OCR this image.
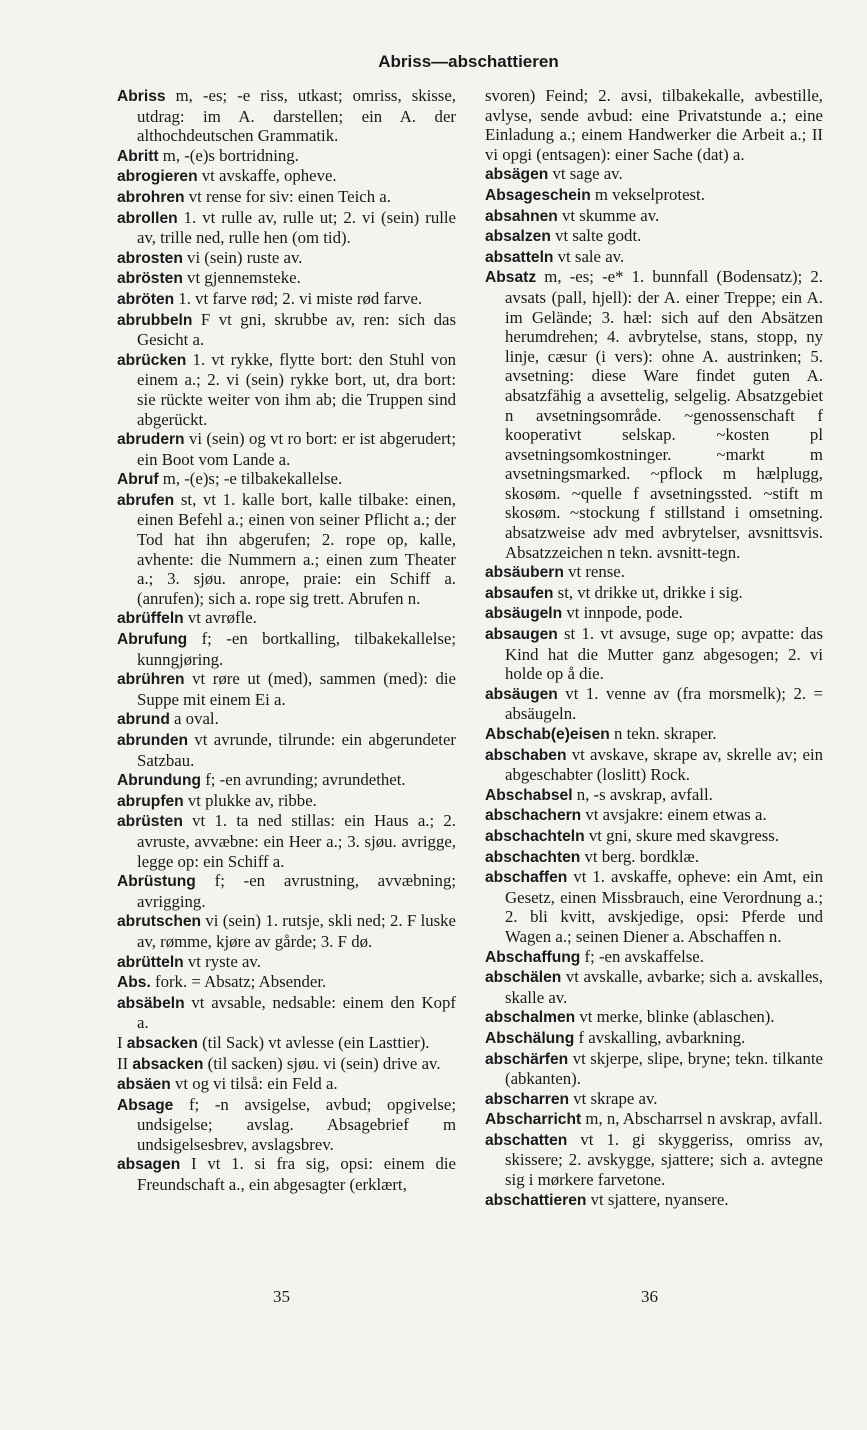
Abriss—abschattieren

Abriss m, -es; -e riss, utkast; omriss, skisse, utdrag: im A. darstellen; ein A. der althochdeutschen Grammatik.

Abritt m, -(e)s bortridning.

abrogieren vt avskaffe, opheve.

abrohren vt rense for siv: einen Teich a.

abrollen 1. vt rulle av, rulle ut; 2. vi (sein) rulle av, trille ned, rulle hen (om tid).

abrosten vi (sein) ruste av.

abrösten vt gjennemsteke.

abröten 1. vt farve rød; 2. vi miste rød farve.

abrubbeln F vt gni, skrubbe av, ren: sich das Gesicht a.

abrücken 1. vt rykke, flytte bort: den Stuhl von einem a.; 2. vi (sein) rykke bort, ut, dra bort: sie rückte weiter von ihm ab; die Truppen sind abgerückt.

abrudern vi (sein) og vt ro bort: er ist abgerudert; ein Boot vom Lande a.

Abruf m, -(e)s; -e tilbakekallelse.

abrufen st, vt 1. kalle bort, kalle tilbake: einen, einen Befehl a.; einen von seiner Pflicht a.; der Tod hat ihn abgerufen; 2. rope op, kalle, avhente: die Nummern a.; einen zum Theater a.; 3. sjøu. anrope, praie: ein Schiff a. (anrufen); sich a. rope sig trett. Abrufen n.

abrüffeln vt avrøfle.

Abrufung f; -en bortkalling, tilbakekallelse; kunngjøring.

abrühren vt røre ut (med), sammen (med): die Suppe mit einem Ei a.

abrund a oval.

abrunden vt avrunde, tilrunde: ein abgerundeter Satzbau.

Abrundung f; -en avrunding; avrundethet.

abrupfen vt plukke av, ribbe.

abrüsten vt 1. ta ned stillas: ein Haus a.; 2. avruste, avvæbne: ein Heer a.; 3. sjøu. avrigge, legge op: ein Schiff a.

Abrüstung f; -en avrustning, avvæbning; avrigging.

abrutschen vi (sein) 1. rutsje, skli ned; 2. F luske av, rømme, kjøre av gårde; 3. F dø.

abrütteln vt ryste av.

Abs. fork. = Absatz; Absender.

absäbeln vt avsable, nedsable: einem den Kopf a.

I absacken (til Sack) vt avlesse (ein Lasttier).

II absacken (til sacken) sjøu. vi (sein) drive av.

absäen vt og vi tilså: ein Feld a.

Absage f; -n avsigelse, avbud; opgivelse; undsigelse; avslag. Absagebrief m undsigelsesbrev, avslagsbrev.

absagen I vt 1. si fra sig, opsi: einem die Freundschaft a., ein abgesagter (erklært,

svoren) Feind; 2. avsi, tilbakekalle, avbestille, avlyse, sende avbud: eine Privatstunde a.; eine Einladung a.; einem Handwerker die Arbeit a.; II vi opgi (entsagen): einer Sache (dat) a.

absägen vt sage av.

Absageschein m vekselprotest.

absahnen vt skumme av.

absalzen vt salte godt.

absatteln vt sale av.

Absatz m, -es; -e* 1. bunnfall (Bodensatz); 2. avsats (pall, hjell): der A. einer Treppe; ein A. im Gelände; 3. hæl: sich auf den Absätzen herumdrehen; 4. avbrytelse, stans, stopp, ny linje, cæsur (i vers): ohne A. austrinken; 5. avsetning: diese Ware findet guten A. absatzfähig a avsettelig, selgelig. Absatzgebiet n avsetningsområde. ~genossenschaft f kooperativt selskap. ~kosten pl avsetningsomkostninger. ~markt m avsetningsmarked. ~pflock m hælplugg, skosøm. ~quelle f avsetningssted. ~stift m skosøm. ~stockung f stillstand i omsetning. absatzweise adv med avbrytelser, avsnittsvis. Absatzzeichen n tekn. avsnitt-tegn.

absäubern vt rense.

absaufen st, vt drikke ut, drikke i sig.

absäugeln vt innpode, pode.

absaugen st 1. vt avsuge, suge op; avpatte: das Kind hat die Mutter ganz abgesogen; 2. vi holde op å die.

absäugen vt 1. venne av (fra morsmelk); 2. = absäugeln.

Abschab(e)eisen n tekn. skraper.

abschaben vt avskave, skrape av, skrelle av; ein abgeschabter (loslitt) Rock.

Abschabsel n, -s avskrap, avfall.

abschachern vt avsjakre: einem etwas a.

abschachteln vt gni, skure med skavgress.

abschachten vt berg. bordklæ.

abschaffen vt 1. avskaffe, opheve: ein Amt, ein Gesetz, einen Missbrauch, eine Verordnung a.; 2. bli kvitt, avskjedige, opsi: Pferde und Wagen a.; seinen Diener a. Abschaffen n.

Abschaffung f; -en avskaffelse.

abschälen vt avskalle, avbarke; sich a. avskalles, skalle av.

abschalmen vt merke, blinke (ablaschen).

Abschälung f avskalling, avbarkning.

abschärfen vt skjerpe, slipe, bryne; tekn. tilkante (abkanten).

abscharren vt skrape av.

Abscharricht m, n, Abscharrsel n avskrap, avfall.

abschatten vt 1. gi skyggeriss, omriss av, skissere; 2. avskygge, sjattere; sich a. avtegne sig i mørkere farvetone.

abschattieren vt sjattere, nyansere.

35	36
